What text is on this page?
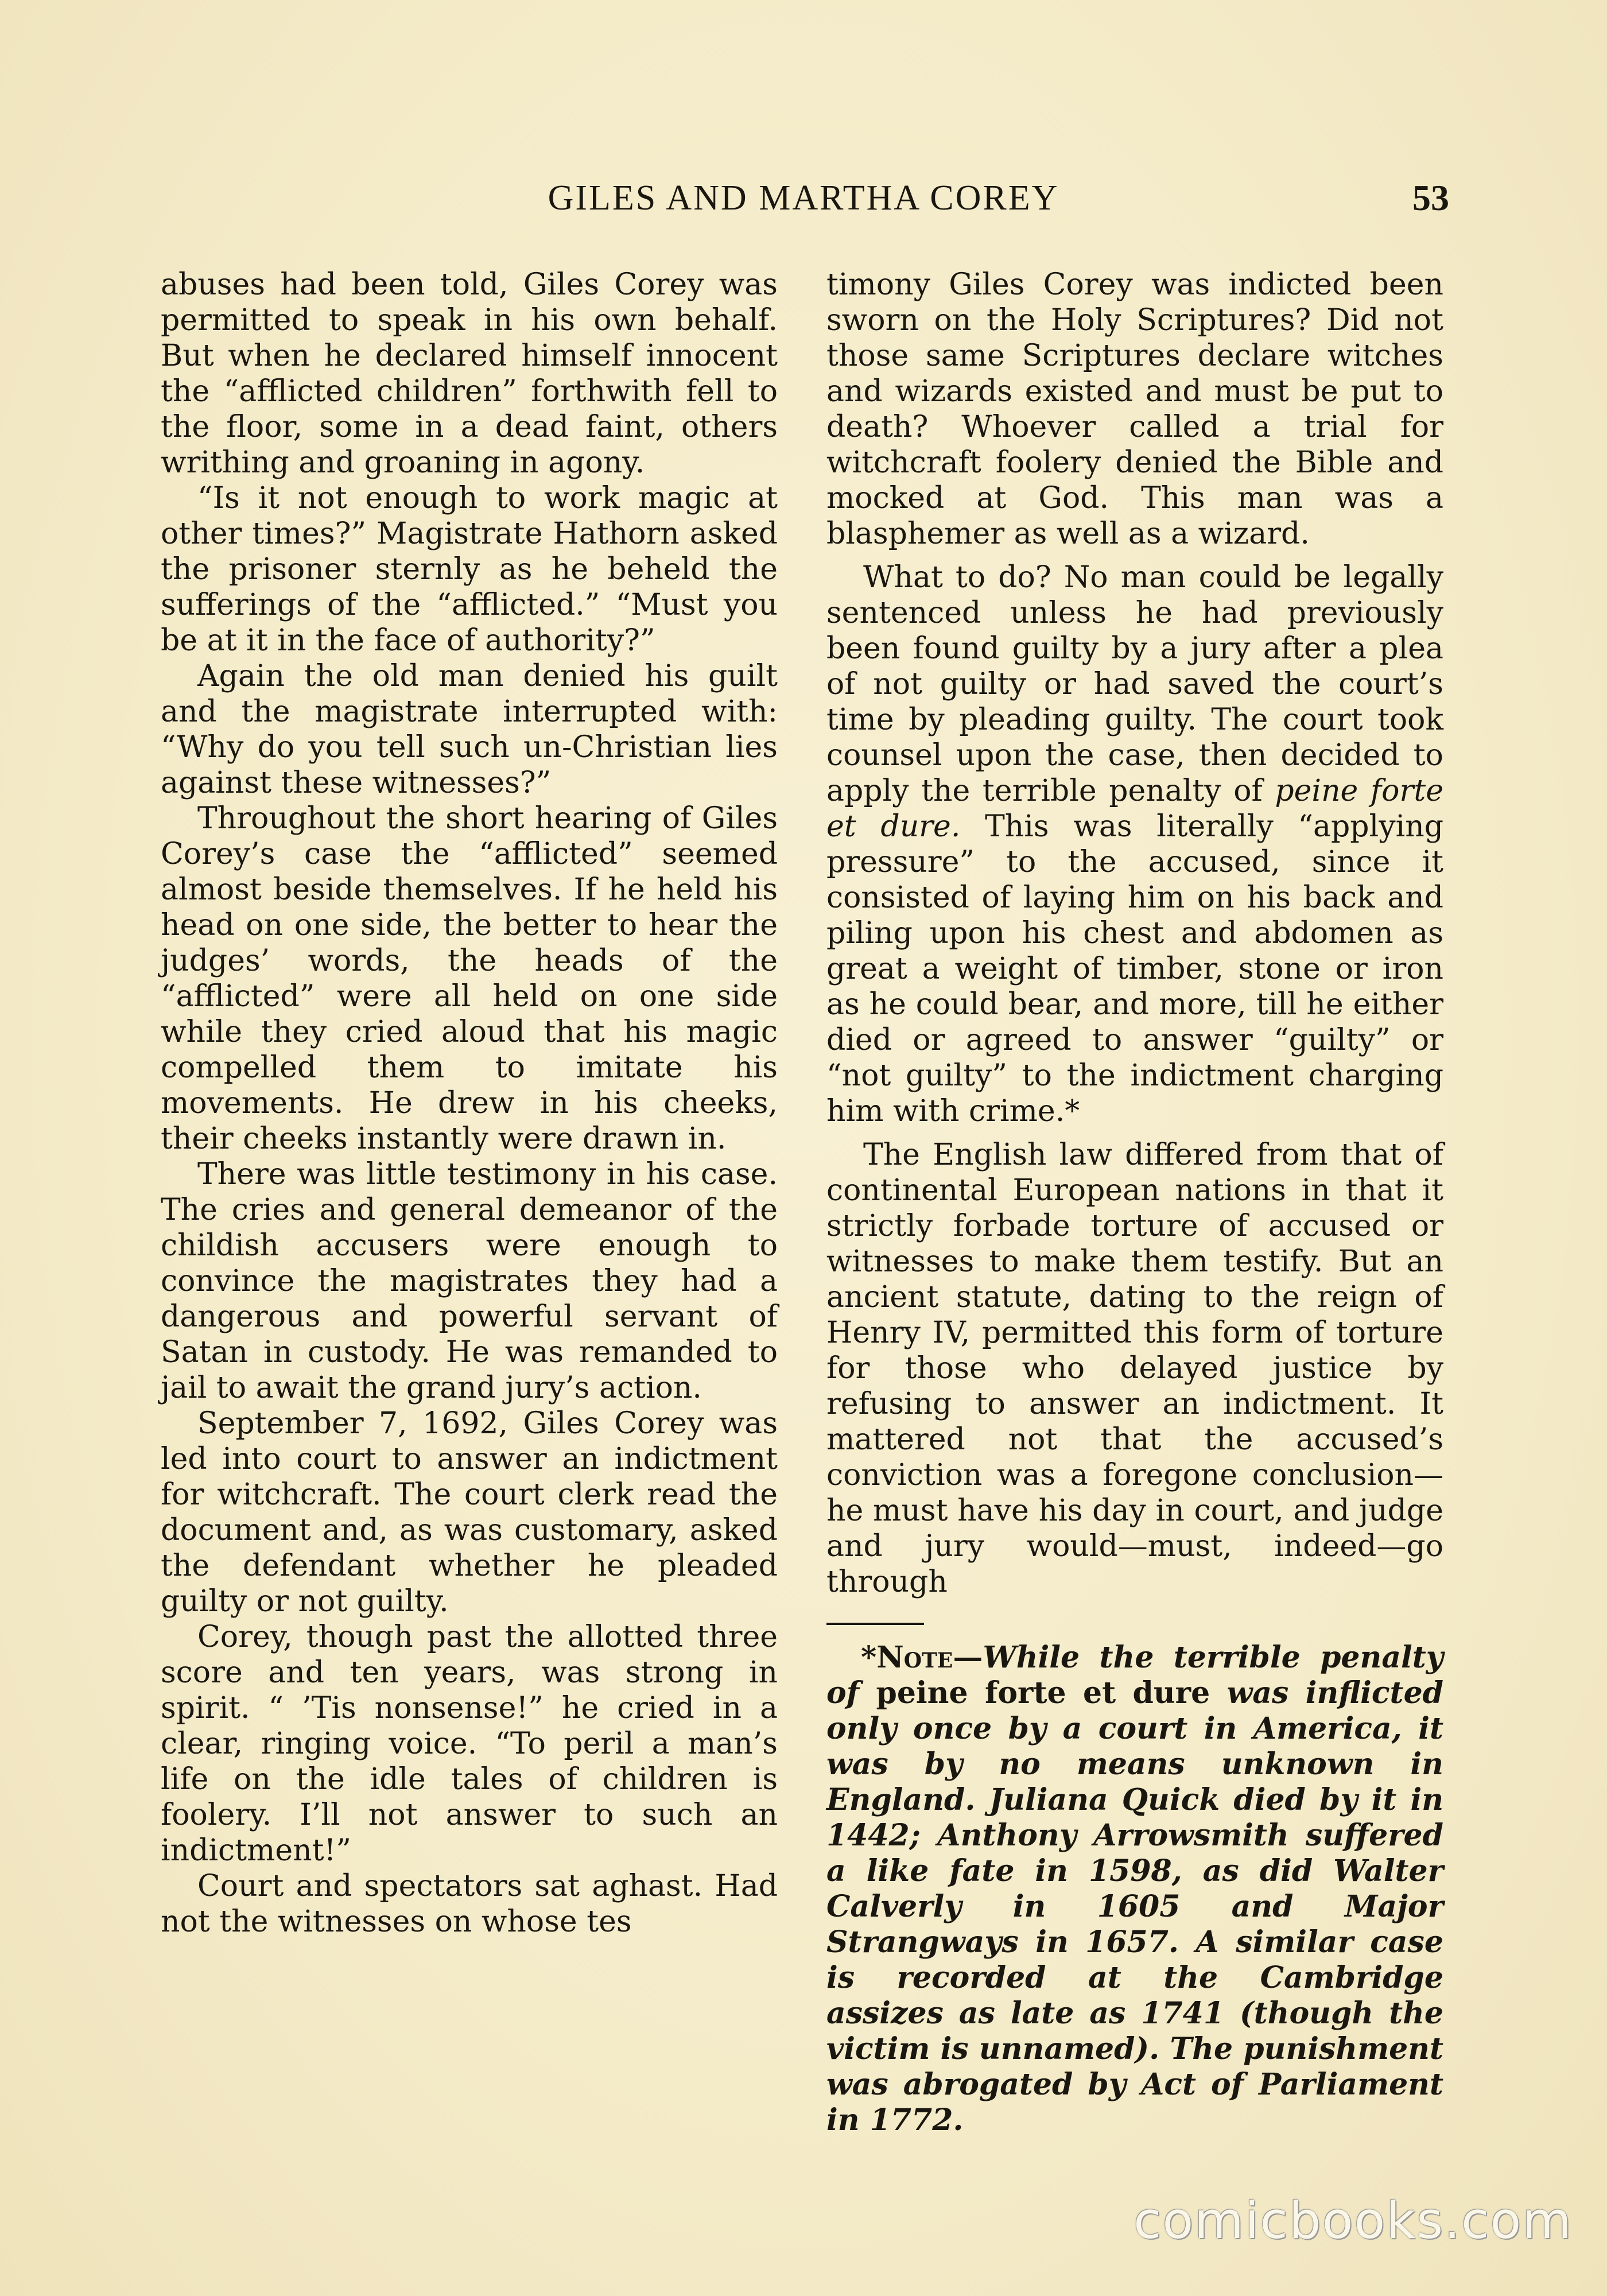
GILES AND MARTHA COREY	53

abuses had been told, Giles Corey was permitted to speak in his own behalf. But when he declared himself innocent the “afflicted children” forthwith fell to the floor, some in a dead faint, others writhing and groaning in agony.

“Is it not enough to work magic at other times?” Magistrate Hathorn asked the prisoner sternly as he beheld the sufferings of the “afflicted.” “Must you be at it in the face of authority?”

Again the old man denied his guilt and the magistrate interrupted with: “Why do you tell such un-Christian lies against these witnesses?”

Throughout the short hearing of Giles Corey’s case the “afflicted” seemed almost beside themselves. If he held his head on one side, the better to hear the judges’ words, the heads of the “afflicted” were all held on one side while they cried aloud that his magic compelled them to imitate his movements. He drew in his cheeks, their cheeks instantly were drawn in.

There was little testimony in his case. The cries and general demeanor of the childish accusers were enough to convince the magistrates they had a dangerous and powerful servant of Satan in custody. He was remanded to jail to await the grand jury’s action.

September 7, 1692, Giles Corey was led into court to answer an indictment for witchcraft. The court clerk read the document and, as was customary, asked the defendant whether he pleaded guilty or not guilty.

Corey, though past the allotted three score and ten years, was strong in spirit. “ ’Tis nonsense!” he cried in a clear, ringing voice. “To peril a man’s life on the idle tales of children is foolery. I’ll not answer to such an indictment!”

Court and spectators sat aghast. Had not the witnesses on whose tes

timony Giles Corey was indicted been sworn on the Holy Scriptures? Did not those same Scriptures declare witches and wizards existed and must be put to death? Whoever called a trial for witchcraft foolery denied the Bible and mocked at God. This man was a blasphemer as well as a wizard.

What to do? No man could be legally sentenced unless he had previously been found guilty by a jury after a plea of not guilty or had saved the court’s time by pleading guilty. The court took counsel upon the case, then decided to apply the terrible penalty of peine forte et dure. This was literally “applying pressure” to the accused, since it consisted of laying him on his back and piling upon his chest and abdomen as great a weight of timber, stone or iron as he could bear, and more, till he either died or agreed to answer “guilty” or “not guilty” to the indictment charging him with crime.*

The English law differed from that of continental European nations in that it strictly forbade torture of accused or witnesses to make them testify. But an ancient statute, dating to the reign of Henry IV, permitted this form of torture for those who delayed justice by refusing to answer an indictment. It mattered not that the accused’s conviction was a foregone conclusion—he must have his day in court, and judge and jury would—must, indeed—go through

*Note—While the terrible penalty of peine forte et dure was inflicted only once by a court in America, it was by no means unknown in England. Juliana Quick died by it in 1442; Anthony Arrowsmith suffered a like fate in 1598, as did Walter Calverly in 1605 and Major Strangways in 1657. A similar case is recorded at the Cambridge assizes as late as 1741 (though the victim is unnamed). The punishment was abrogated by Act of Parliament in 1772.

comicbooks.com
